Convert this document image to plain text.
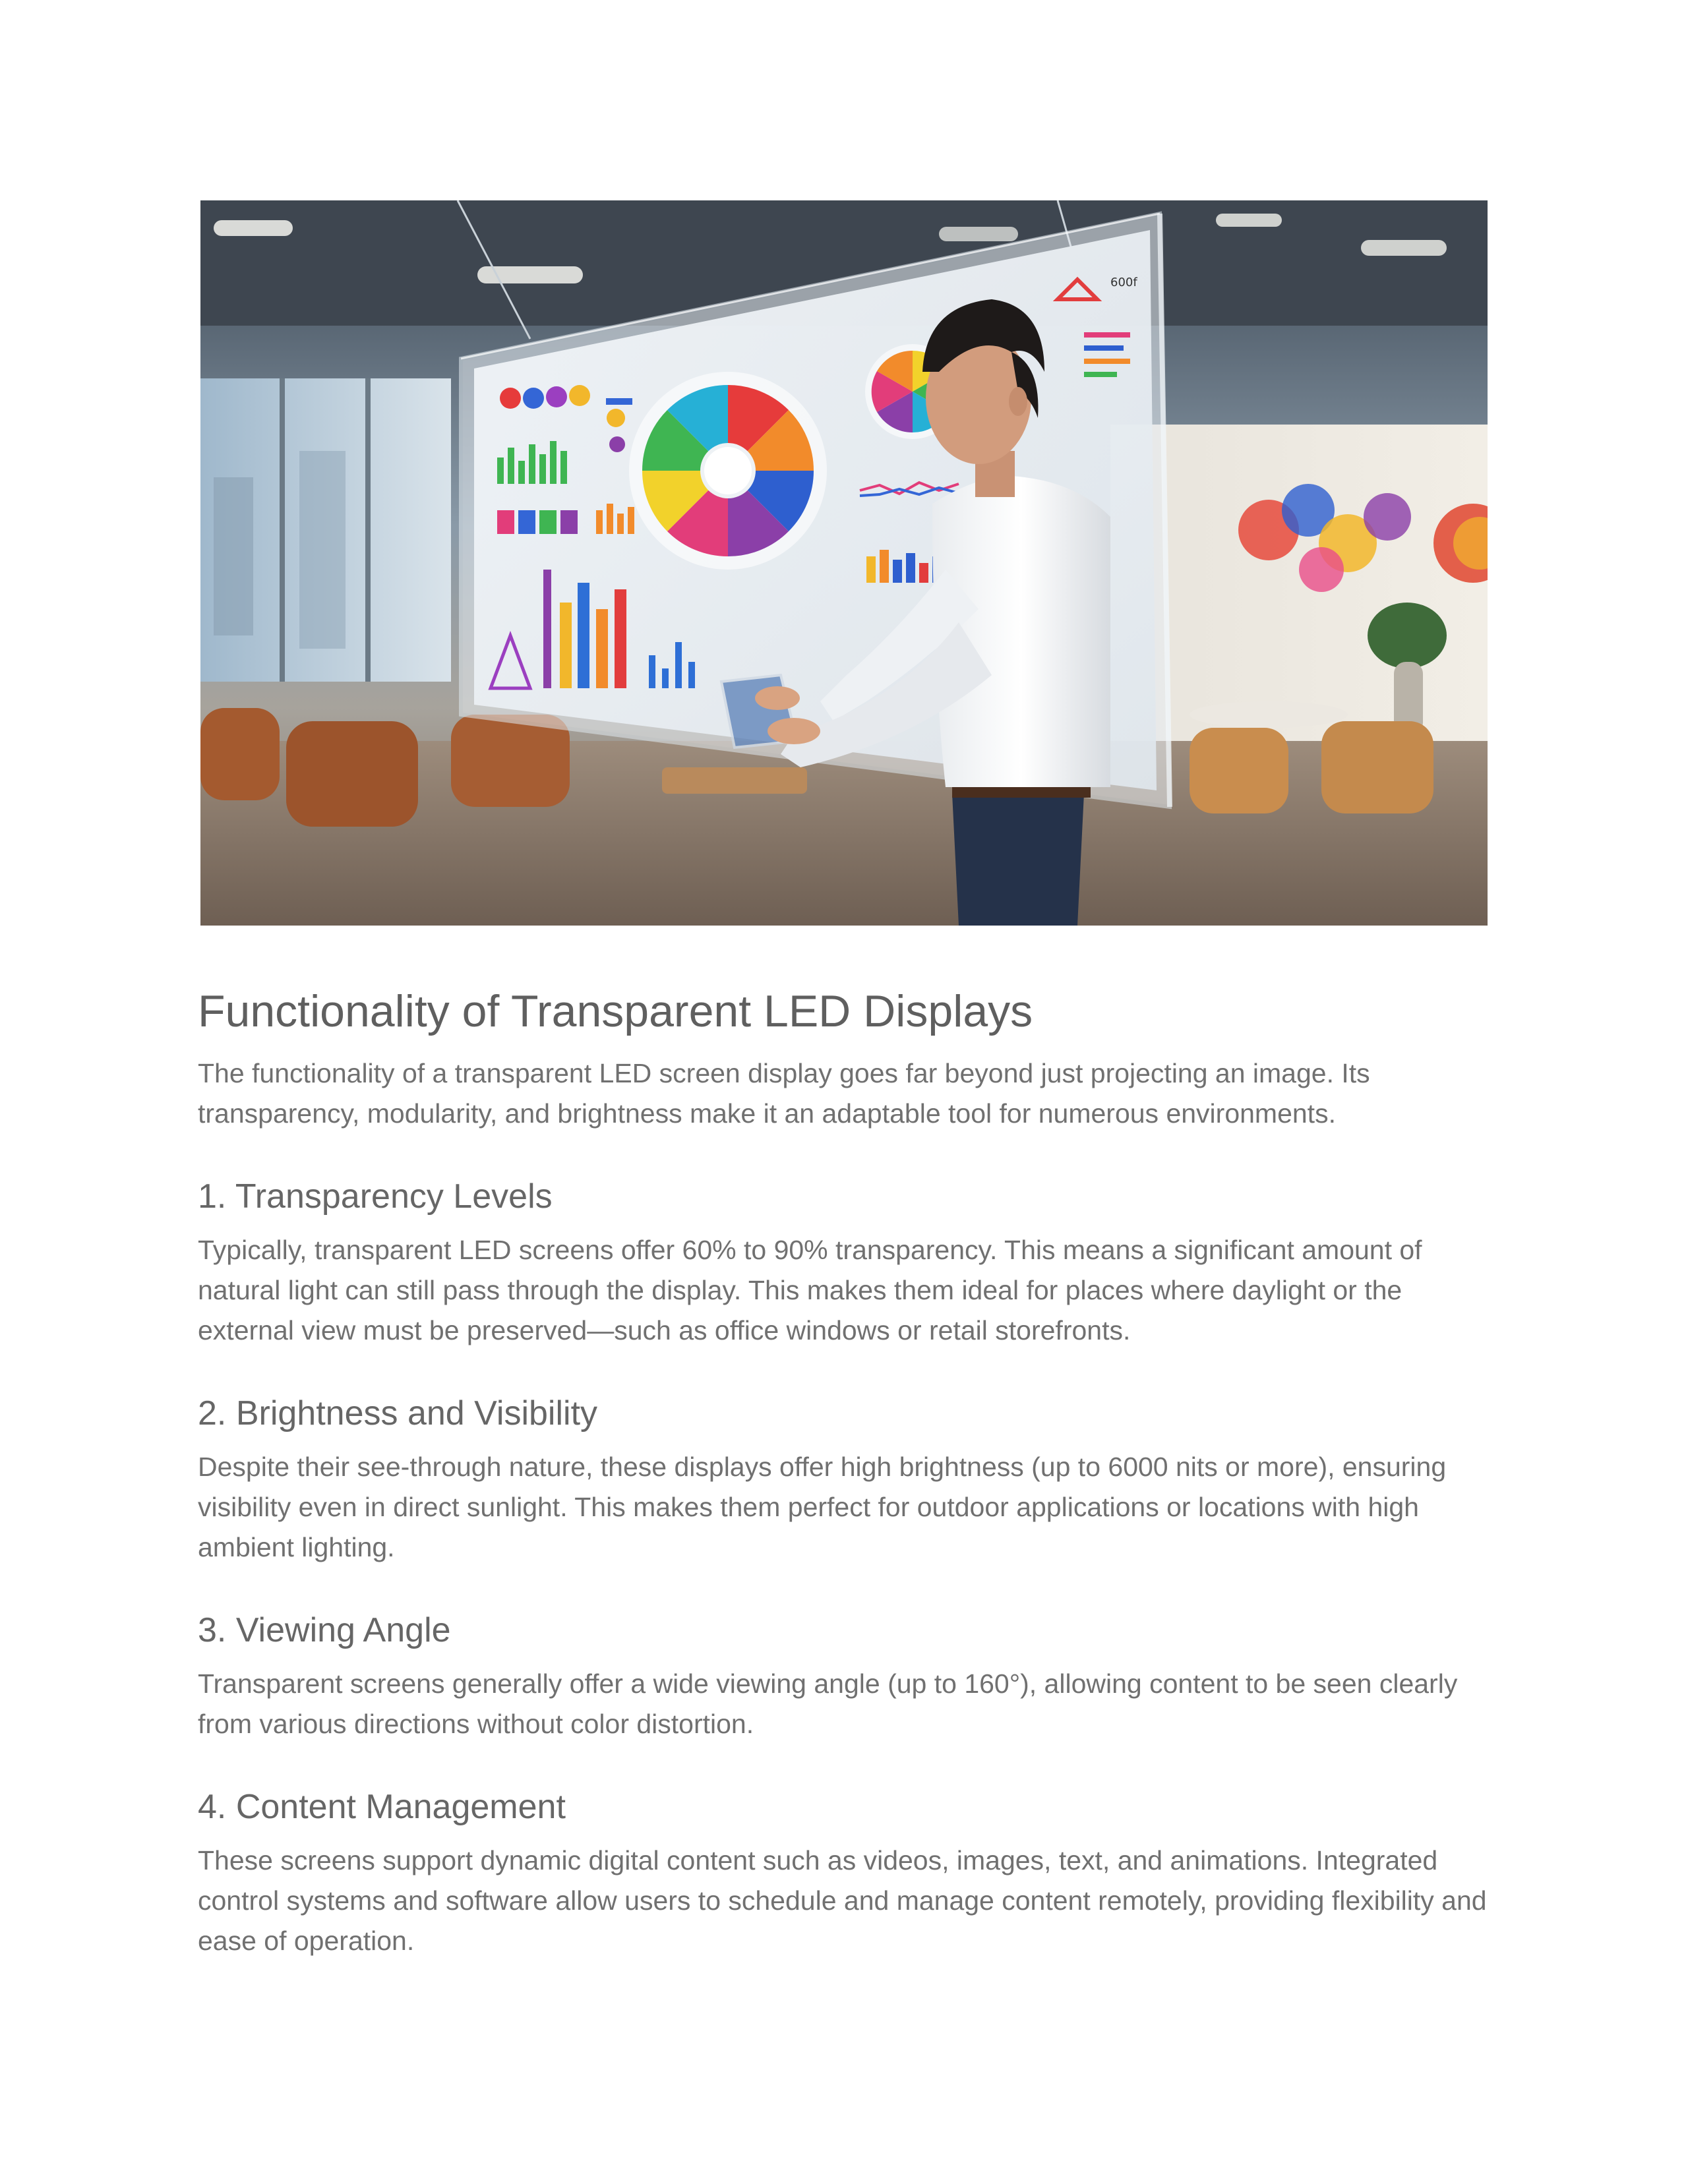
600f
Functionality of Transparent LED Displays

The functionality of a transparent LED screen display goes far beyond just projecting an image. Its transparency, modularity, and brightness make it an adaptable tool for numerous environments.

1. Transparency Levels

Typically, transparent LED screens offer 60% to 90% transparency. This means a significant amount of natural light can still pass through the display. This makes them ideal for places where daylight or the external view must be preserved—such as office windows or retail storefronts.

2. Brightness and Visibility

Despite their see-through nature, these displays offer high brightness (up to 6000 nits or more), ensuring visibility even in direct sunlight. This makes them perfect for outdoor applications or locations with high ambient lighting.

3. Viewing Angle

Transparent screens generally offer a wide viewing angle (up to 160°), allowing content to be seen clearly from various directions without color distortion.

4. Content Management

These screens support dynamic digital content such as videos, images, text, and animations. Integrated control systems and software allow users to schedule and manage content remotely, providing flexibility and ease of operation.
